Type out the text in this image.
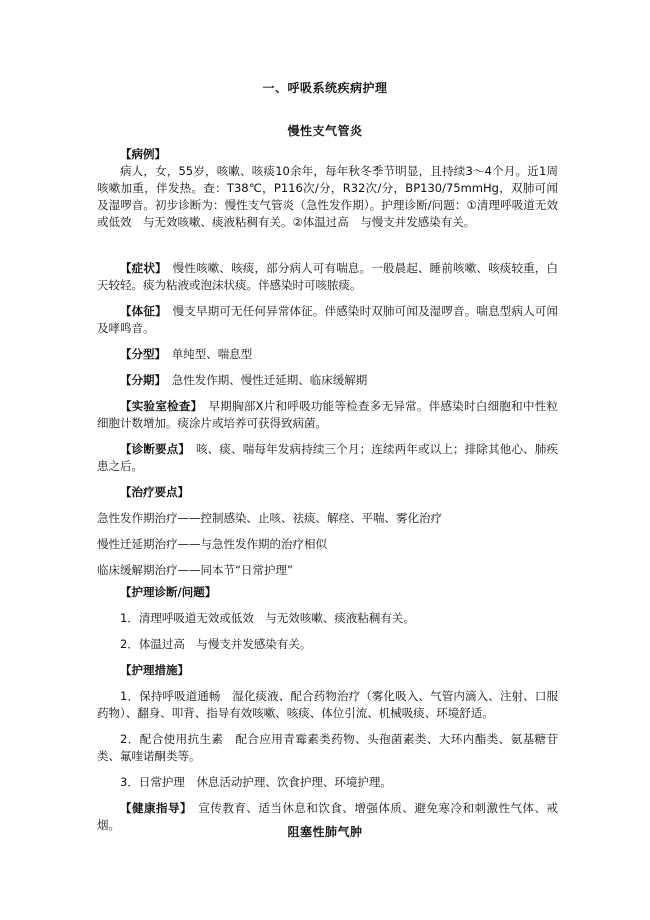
一、呼吸系统疾病护理
慢性支气管炎

【病例】

病人，女，55岁，咳嗽、咳痰10余年，每年秋冬季节明显，且持续3～4个月。近1周咳嗽加重，伴发热。查：T38℃，P116次/分，R32次/分，BP130/75mmHg，双肺可闻及湿啰音。初步诊断为：慢性支气管炎（急性发作期）。护理诊断/问题：①清理呼吸道无效或低效　与无效咳嗽、痰液粘稠有关。②体温过高　与慢支并发感染有关。

【症状】　 慢性咳嗽、咳痰，部分病人可有喘息。一般晨起、睡前咳嗽、咳痰较重，白天较轻。痰为粘液或泡沫状痰。伴感染时可咳脓痰。

【体征】　 慢支早期可无任何异常体征。伴感染时双肺可闻及湿啰音。喘息型病人可闻及哮鸣音。

【分型】　 单纯型、喘息型

【分期】　 急性发作期、慢性迁延期、临床缓解期

【实验室检查】　 早期胸部X片和呼吸功能等检查多无异常。伴感染时白细胞和中性粒细胞计数增加。痰涂片或培养可获得致病菌。

【诊断要点】　 咳、痰、喘每年发病持续三个月；连续两年或以上；排除其他心、肺疾患之后。

【治疗要点】

急性发作期治疗——控制感染、止咳、祛痰、解痉、平喘、雾化治疗

慢性迁延期治疗——与急性发作期的治疗相似

临床缓解期治疗——同本节“日常护理”

【护理诊断/问题】

1．清理呼吸道无效或低效　与无效咳嗽、痰液粘稠有关。

2．体温过高　与慢支并发感染有关。

【护理措施】

1．保持呼吸道通畅　湿化痰液、配合药物治疗（雾化吸入、气管内滴入、注射、口服药物）、翻身、叩背、指导有效咳嗽、咳痰、体位引流、机械吸痰、环境舒适。

2．配合使用抗生素　配合应用青霉素类药物、头孢菌素类、大环内酯类、氨基糖苷类、氟喹诺酮类等。

3．日常护理　休息活动护理、饮食护理、环境护理。

【健康指导】　 宣传教育、适当休息和饮食、增强体质、避免寒冷和刺激性气体、戒烟。	阻塞性肺气肿
